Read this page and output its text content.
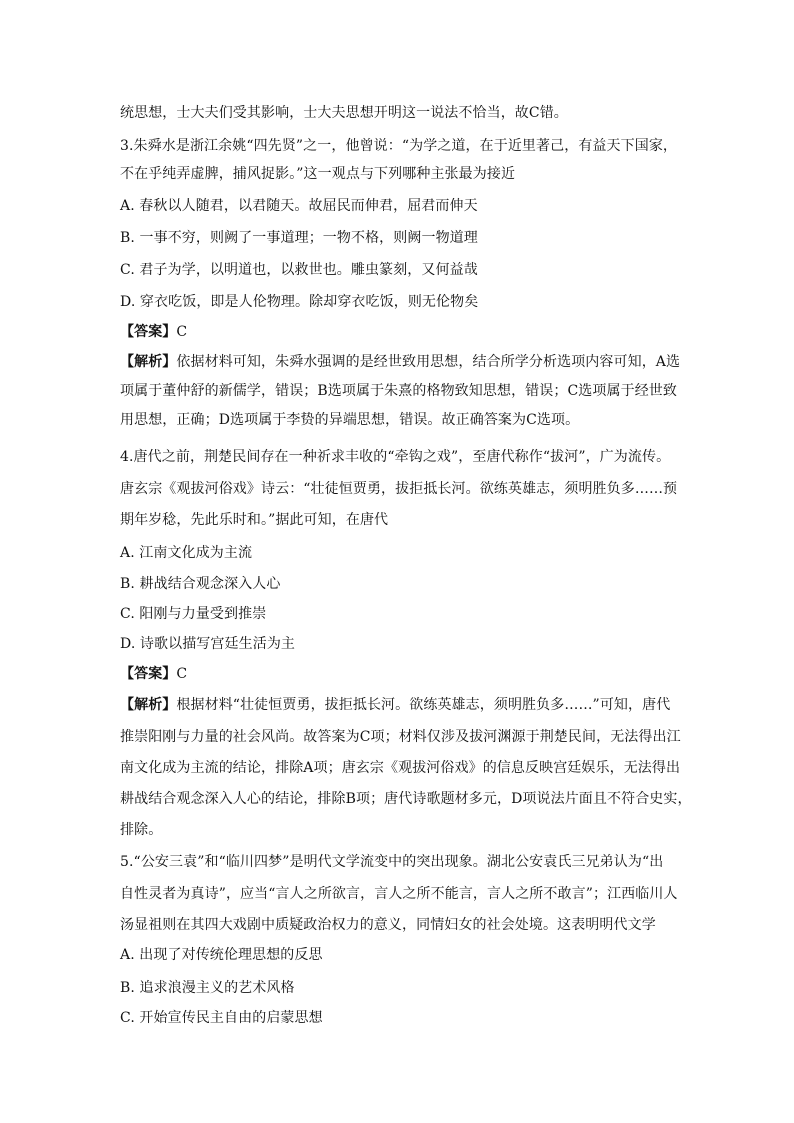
统思想，士大夫们受其影响，士大夫思想开明这一说法不恰当，故C错。
3.朱舜水是浙江余姚“四先贤”之一，他曾说：“为学之道，在于近里著己，有益天下国家，
不在乎纯弄虚脾，捕风捉影。”这一观点与下列哪种主张最为接近
A. 春秋以人随君，以君随天。故屈民而伸君，屈君而伸天
B. 一事不穷，则阙了一事道理；一物不格，则阙一物道理
C. 君子为学，以明道也，以救世也。雕虫篆刻，又何益哉
D. 穿衣吃饭，即是人伦物理。除却穿衣吃饭，则无伦物矣
【答案】C
【解析】依据材料可知，朱舜水强调的是经世致用思想，结合所学分析选项内容可知，A选
项属于董仲舒的新儒学，错误；B选项属于朱熹的格物致知思想，错误；C选项属于经世致
用思想，正确；D选项属于李贽的异端思想，错误。故正确答案为C选项。
4.唐代之前，荆楚民间存在一种祈求丰收的“牵钩之戏”，至唐代称作“拔河”，广为流传。
唐玄宗《观拔河俗戏》诗云：“壮徒恒贾勇，拔拒抵长河。欲练英雄志，须明胜负多……预
期年岁稔，先此乐时和。”据此可知，在唐代
A. 江南文化成为主流
B. 耕战结合观念深入人心
C. 阳刚与力量受到推崇
D. 诗歌以描写宫廷生活为主
【答案】C
【解析】根据材料“壮徒恒贾勇，拔拒抵长河。欲练英雄志，须明胜负多……”可知，唐代
推崇阳刚与力量的社会风尚。故答案为C项；材料仅涉及拔河渊源于荆楚民间，无法得出江
南文化成为主流的结论，排除A项；唐玄宗《观拔河俗戏》的信息反映宫廷娱乐，无法得出
耕战结合观念深入人心的结论，排除B项；唐代诗歌题材多元，D项说法片面且不符合史实，
排除。
5.“公安三袁”和“临川四梦”是明代文学流变中的突出现象。湖北公安袁氏三兄弟认为“出
自性灵者为真诗”，应当“言人之所欲言，言人之所不能言，言人之所不敢言”；江西临川人
汤显祖则在其四大戏剧中质疑政治权力的意义，同情妇女的社会处境。这表明明代文学
A. 出现了对传统伦理思想的反思
B. 追求浪漫主义的艺术风格
C. 开始宣传民主自由的启蒙思想
